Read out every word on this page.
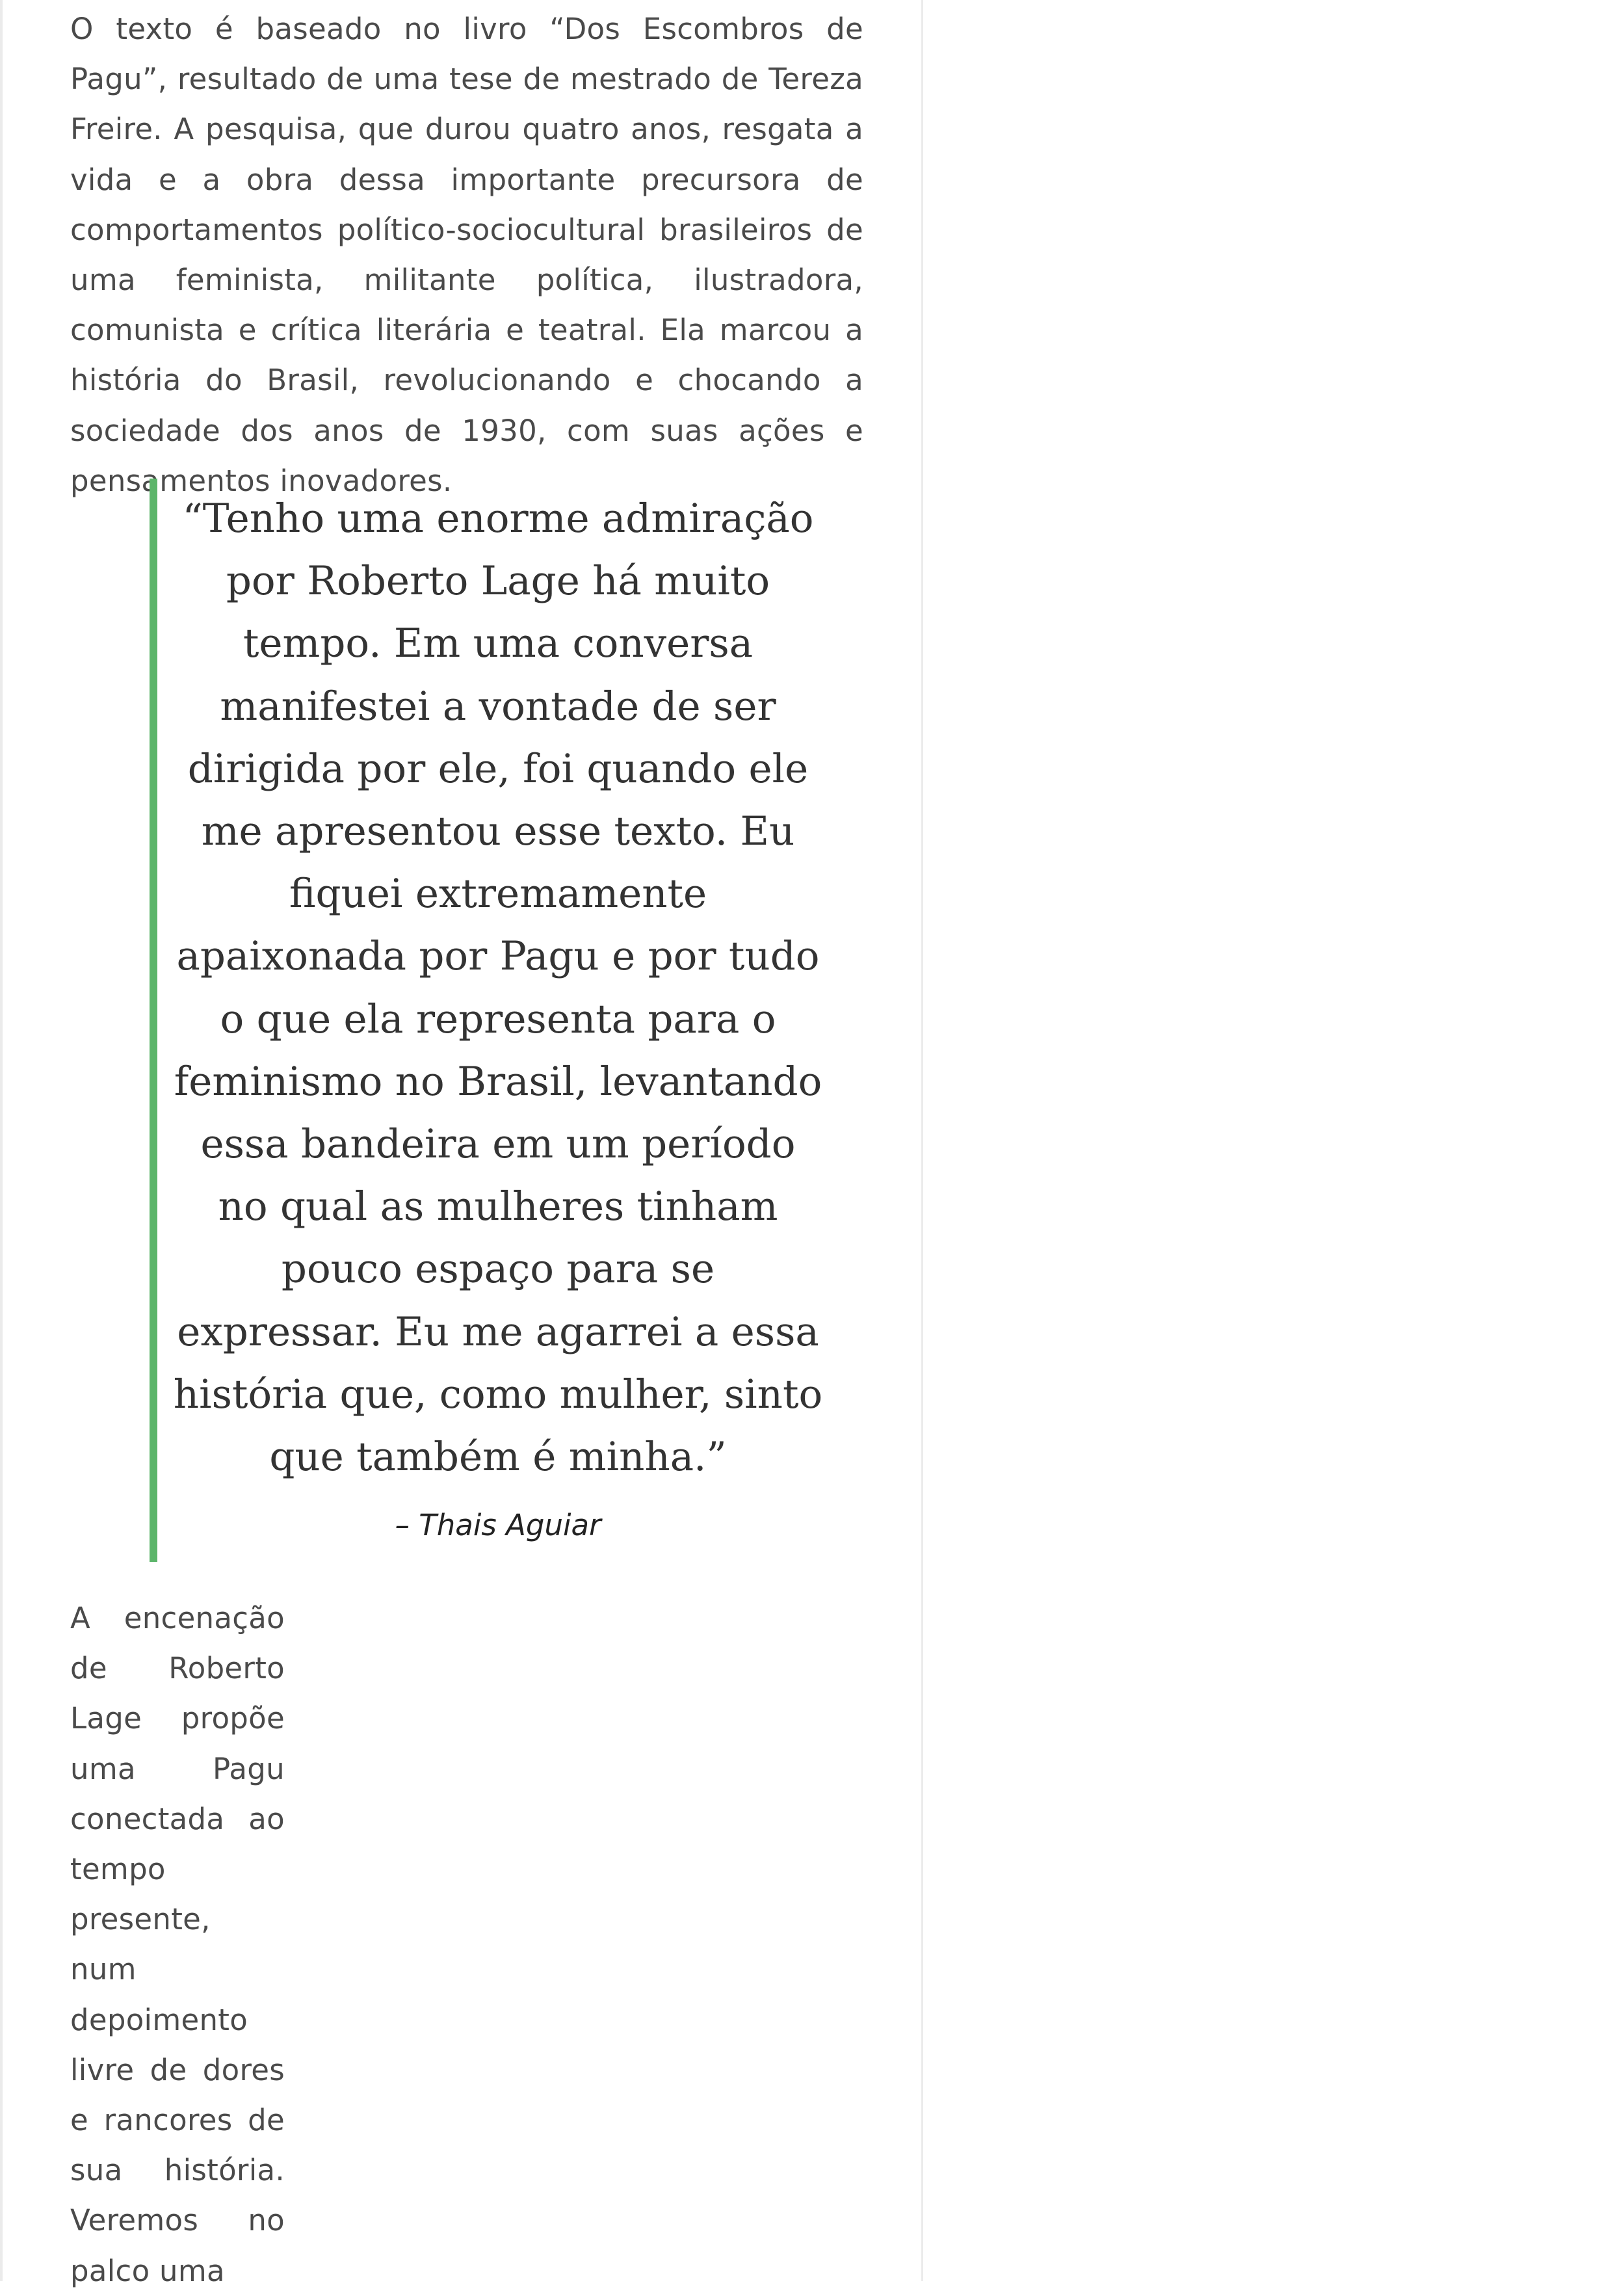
O texto é baseado no livro “Dos Escombros de Pagu”, resultado de uma tese de mestrado de Tereza Freire. A pesquisa, que durou quatro anos, resgata a vida e a obra dessa importante precursora de comportamentos político-sociocultural brasileiros de uma feminista, militante política, ilustradora, comunista e crítica literária e teatral. Ela marcou a história do Brasil, revolucionando e chocando a sociedade dos anos de 1930, com suas ações e pensamentos inovadores.

“Tenho uma enorme admiração por Roberto Lage há muito tempo. Em uma conversa manifestei a vontade de ser dirigida por ele, foi quando ele me apresentou esse texto. Eu fiquei extremamente apaixonada por Pagu e por tudo o que ela representa para o feminismo no Brasil, levantando essa bandeira em um período no qual as mulheres tinham pouco espaço para se expressar. Eu me agarrei a essa história que, como mulher, sinto que também é minha.”

– Thais Aguiar

A encenação de Roberto Lage propõe uma Pagu conectada ao tempo presente, num depoimento livre de dores e rancores de sua história. Veremos no palco uma
